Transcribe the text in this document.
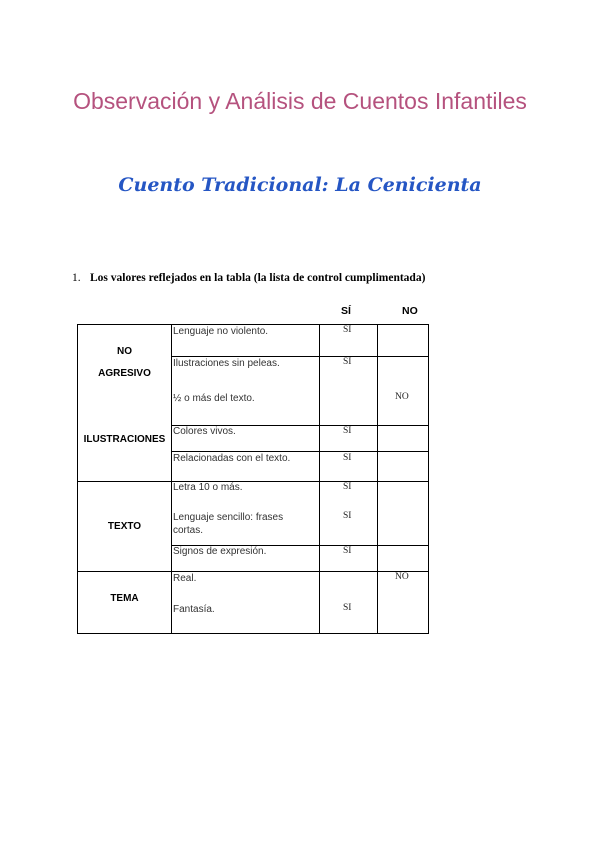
Observación y Análisis de Cuentos Infantiles
Cuento Tradicional: La Cenicienta
1. Los valores reflejados en la tabla (la lista de control cumplimentada)
SÍ	NO
NO
AGRESIVO
ILUSTRACIONES
TEXTO
TEMA
Lenguaje no violento.
Ilustraciones sin peleas.
½ o más del texto.
Colores vivos.
Relacionadas con el texto.
Letra 10 o más.
Lenguaje sencillo: frases cortas.
Signos de expresión.
Real.
Fantasía.
SI
SI
NO
SI
SI
SI
SI
SI
NO
SI
